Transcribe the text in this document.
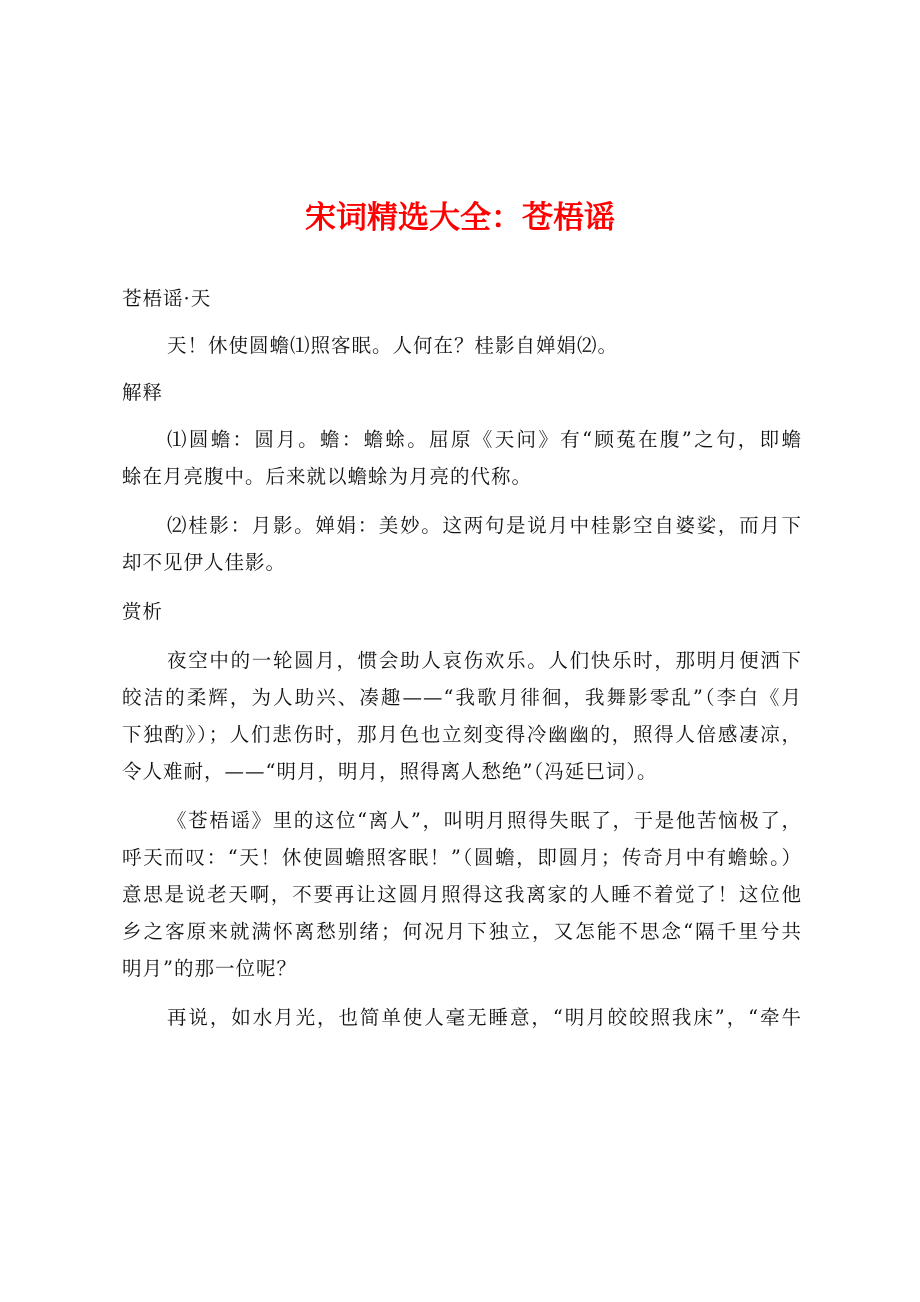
宋词精选大全：苍梧谣
苍梧谣·天
天！休使圆蟾⑴照客眠。人何在？桂影自婵娟⑵。
解释
⑴圆蟾：圆月。蟾：蟾蜍。屈原《天问》有“顾菟在腹”之句，即蟾
蜍在月亮腹中。后来就以蟾蜍为月亮的代称。
⑵桂影：月影。婵娟：美妙。这两句是说月中桂影空自婆娑，而月下
却不见伊人佳影。
赏析
夜空中的一轮圆月，惯会助人哀伤欢乐。人们快乐时，那明月便洒下
皎洁的柔辉，为人助兴、凑趣——“我歌月徘徊，我舞影零乱”（李白《月
下独酌》）；人们悲伤时，那月色也立刻变得冷幽幽的，照得人倍感凄凉，
令人难耐，——“明月，明月，照得离人愁绝”（冯延巳词）。
《苍梧谣》里的这位“离人”，叫明月照得失眠了，于是他苦恼极了，
呼天而叹：“天！休使圆蟾照客眠！”（圆蟾，即圆月；传奇月中有蟾蜍。）
意思是说老天啊，不要再让这圆月照得这我离家的人睡不着觉了！这位他
乡之客原来就满怀离愁别绪；何况月下独立，又怎能不思念“隔千里兮共
明月”的那一位呢？
再说，如水月光，也简单使人毫无睡意，“明月皎皎照我床”，“牵牛
